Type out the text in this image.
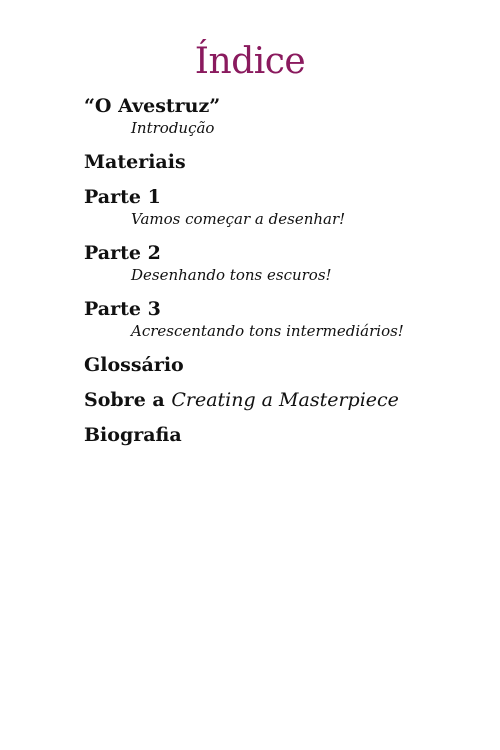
Índice
“O Avestruz”
Introdução
Materiais
Parte 1
Vamos começar a desenhar!
Parte 2
Desenhando tons escuros!
Parte 3
Acrescentando tons intermediários!
Glossário
Sobre a Creating a Masterpiece
Biografia
